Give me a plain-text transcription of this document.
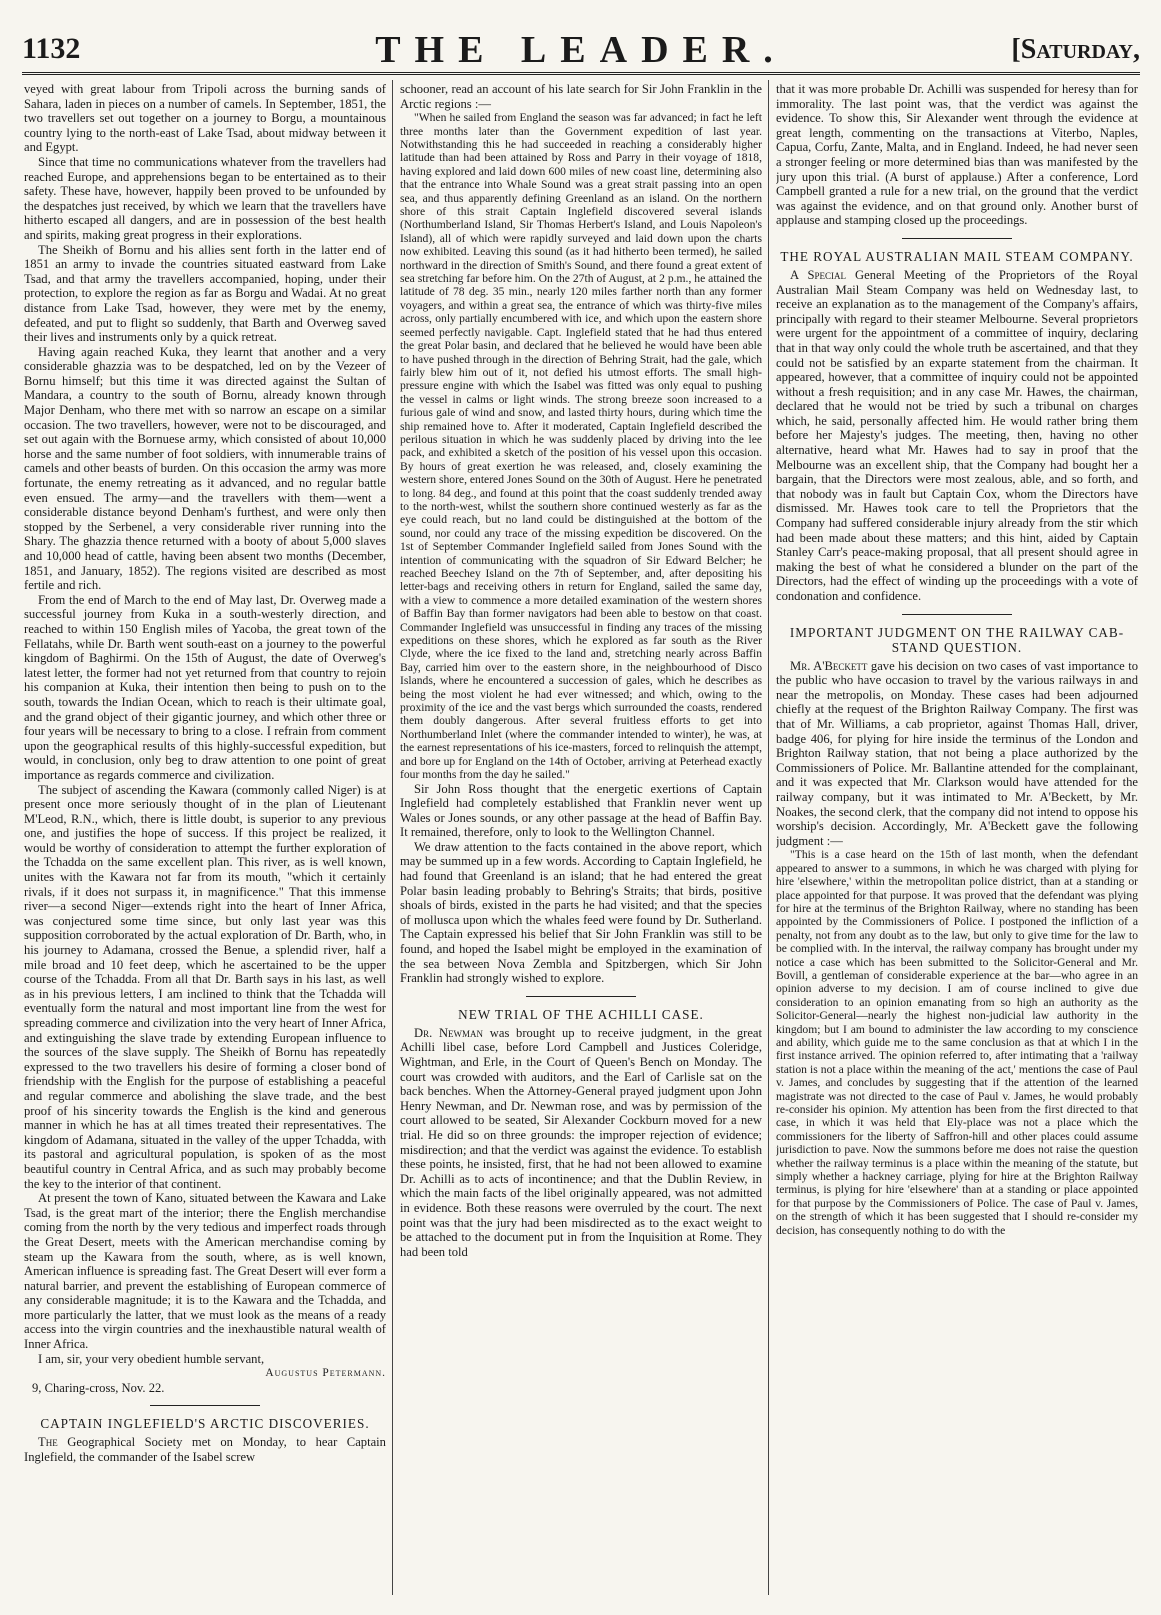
1132	THE LEADER.	[Saturday,

veyed with great labour from Tripoli across the burning sands of Sahara, laden in pieces on a number of camels. In September, 1851, the two travellers set out together on a journey to Borgu, a mountainous country lying to the north-east of Lake Tsad, about midway between it and Egypt.

Since that time no communications whatever from the travellers had reached Europe, and apprehensions began to be entertained as to their safety. These have, however, happily been proved to be unfounded by the despatches just received, by which we learn that the travellers have hitherto escaped all dangers, and are in possession of the best health and spirits, making great progress in their explorations.

The Sheikh of Bornu and his allies sent forth in the latter end of 1851 an army to invade the countries situated eastward from Lake Tsad, and that army the travellers accompanied, hoping, under their protection, to explore the region as far as Borgu and Wadai. At no great distance from Lake Tsad, however, they were met by the enemy, defeated, and put to flight so suddenly, that Barth and Overweg saved their lives and instruments only by a quick retreat.

Having again reached Kuka, they learnt that another and a very considerable ghazzia was to be despatched, led on by the Vezeer of Bornu himself; but this time it was directed against the Sultan of Mandara, a country to the south of Bornu, already known through Major Denham, who there met with so narrow an escape on a similar occasion. The two travellers, however, were not to be discouraged, and set out again with the Bornuese army, which consisted of about 10,000 horse and the same number of foot soldiers, with innumerable trains of camels and other beasts of burden. On this occasion the army was more fortunate, the enemy retreating as it advanced, and no regular battle even ensued. The army—and the travellers with them—went a considerable distance beyond Denham's furthest, and were only then stopped by the Serbenel, a very considerable river running into the Shary. The ghazzia thence returned with a booty of about 5,000 slaves and 10,000 head of cattle, having been absent two months (December, 1851, and January, 1852). The regions visited are described as most fertile and rich.

From the end of March to the end of May last, Dr. Overweg made a successful journey from Kuka in a south-westerly direction, and reached to within 150 English miles of Yacoba, the great town of the Fellatahs, while Dr. Barth went south-east on a journey to the powerful kingdom of Baghirmi. On the 15th of August, the date of Overweg's latest letter, the former had not yet returned from that country to rejoin his companion at Kuka, their intention then being to push on to the south, towards the Indian Ocean, which to reach is their ultimate goal, and the grand object of their gigantic journey, and which other three or four years will be necessary to bring to a close. I refrain from comment upon the geographical results of this highly-successful expedition, but would, in conclusion, only beg to draw attention to one point of great importance as regards commerce and civilization.

The subject of ascending the Kawara (commonly called Niger) is at present once more seriously thought of in the plan of Lieutenant M'Leod, R.N., which, there is little doubt, is superior to any previous one, and justifies the hope of success. If this project be realized, it would be worthy of consideration to attempt the further exploration of the Tchadda on the same excellent plan. This river, as is well known, unites with the Kawara not far from its mouth, "which it certainly rivals, if it does not surpass it, in magnificence." That this immense river—a second Niger—extends right into the heart of Inner Africa, was conjectured some time since, but only last year was this supposition corroborated by the actual exploration of Dr. Barth, who, in his journey to Adamana, crossed the Benue, a splendid river, half a mile broad and 10 feet deep, which he ascertained to be the upper course of the Tchadda. From all that Dr. Barth says in his last, as well as in his previous letters, I am inclined to think that the Tchadda will eventually form the natural and most important line from the west for spreading commerce and civilization into the very heart of Inner Africa, and extinguishing the slave trade by extending European influence to the sources of the slave supply. The Sheikh of Bornu has repeatedly expressed to the two travellers his desire of forming a closer bond of friendship with the English for the purpose of establishing a peaceful and regular commerce and abolishing the slave trade, and the best proof of his sincerity towards the English is the kind and generous manner in which he has at all times treated their representatives. The kingdom of Adamana, situated in the valley of the upper Tchadda, with its pastoral and agricultural population, is spoken of as the most beautiful country in Central Africa, and as such may probably become the key to the interior of that continent.

At present the town of Kano, situated between the Kawara and Lake Tsad, is the great mart of the interior; there the English merchandise coming from the north by the very tedious and imperfect roads through the Great Desert, meets with the American merchandise coming by steam up the Kawara from the south, where, as is well known, American influence is spreading fast. The Great Desert will ever form a natural barrier, and prevent the establishing of European commerce of any considerable magnitude; it is to the Kawara and the Tchadda, and more particularly the latter, that we must look as the means of a ready access into the virgin countries and the inexhaustible natural wealth of Inner Africa.

I am, sir, your very obedient humble servant,

Augustus Petermann.

9, Charing-cross, Nov. 22.

CAPTAIN INGLEFIELD'S ARCTIC DISCOVERIES.

The Geographical Society met on Monday, to hear Captain Inglefield, the commander of the Isabel screw

schooner, read an account of his late search for Sir John Franklin in the Arctic regions :—

"When he sailed from England the season was far advanced; in fact he left three months later than the Government expedition of last year. Notwithstanding this he had succeeded in reaching a considerably higher latitude than had been attained by Ross and Parry in their voyage of 1818, having explored and laid down 600 miles of new coast line, determining also that the entrance into Whale Sound was a great strait passing into an open sea, and thus apparently defining Greenland as an island. On the northern shore of this strait Captain Inglefield discovered several islands (Northumberland Island, Sir Thomas Herbert's Island, and Louis Napoleon's Island), all of which were rapidly surveyed and laid down upon the charts now exhibited. Leaving this sound (as it had hitherto been termed), he sailed northward in the direction of Smith's Sound, and there found a great extent of sea stretching far before him. On the 27th of August, at 2 p.m., he attained the latitude of 78 deg. 35 min., nearly 120 miles farther north than any former voyagers, and within a great sea, the entrance of which was thirty-five miles across, only partially encumbered with ice, and which upon the eastern shore seemed perfectly navigable. Capt. Inglefield stated that he had thus entered the great Polar basin, and declared that he believed he would have been able to have pushed through in the direction of Behring Strait, had the gale, which fairly blew him out of it, not defied his utmost efforts. The small high-pressure engine with which the Isabel was fitted was only equal to pushing the vessel in calms or light winds. The strong breeze soon increased to a furious gale of wind and snow, and lasted thirty hours, during which time the ship remained hove to. After it moderated, Captain Inglefield described the perilous situation in which he was suddenly placed by driving into the lee pack, and exhibited a sketch of the position of his vessel upon this occasion. By hours of great exertion he was released, and, closely examining the western shore, entered Jones Sound on the 30th of August. Here he penetrated to long. 84 deg., and found at this point that the coast suddenly trended away to the north-west, whilst the southern shore continued westerly as far as the eye could reach, but no land could be distinguished at the bottom of the sound, nor could any trace of the missing expedition be discovered. On the 1st of September Commander Inglefield sailed from Jones Sound with the intention of communicating with the squadron of Sir Edward Belcher; he reached Beechey Island on the 7th of September, and, after depositing his letter-bags and receiving others in return for England, sailed the same day, with a view to commence a more detailed examination of the western shores of Baffin Bay than former navigators had been able to bestow on that coast. Commander Inglefield was unsuccessful in finding any traces of the missing expeditions on these shores, which he explored as far south as the River Clyde, where the ice fixed to the land and, stretching nearly across Baffin Bay, carried him over to the eastern shore, in the neighbourhood of Disco Islands, where he encountered a succession of gales, which he describes as being the most violent he had ever witnessed; and which, owing to the proximity of the ice and the vast bergs which surrounded the coasts, rendered them doubly dangerous. After several fruitless efforts to get into Northumberland Inlet (where the commander intended to winter), he was, at the earnest representations of his ice-masters, forced to relinquish the attempt, and bore up for England on the 14th of October, arriving at Peterhead exactly four months from the day he sailed."

Sir John Ross thought that the energetic exertions of Captain Inglefield had completely established that Franklin never went up Wales or Jones sounds, or any other passage at the head of Baffin Bay. It remained, therefore, only to look to the Wellington Channel.

We draw attention to the facts contained in the above report, which may be summed up in a few words. According to Captain Inglefield, he had found that Greenland is an island; that he had entered the great Polar basin leading probably to Behring's Straits; that birds, positive shoals of birds, existed in the parts he had visited; and that the species of mollusca upon which the whales feed were found by Dr. Sutherland. The Captain expressed his belief that Sir John Franklin was still to be found, and hoped the Isabel might be employed in the examination of the sea between Nova Zembla and Spitzbergen, which Sir John Franklin had strongly wished to explore.

NEW TRIAL OF THE ACHILLI CASE.

Dr. Newman was brought up to receive judgment, in the great Achilli libel case, before Lord Campbell and Justices Coleridge, Wightman, and Erle, in the Court of Queen's Bench on Monday. The court was crowded with auditors, and the Earl of Carlisle sat on the back benches. When the Attorney-General prayed judgment upon John Henry Newman, and Dr. Newman rose, and was by permission of the court allowed to be seated, Sir Alexander Cockburn moved for a new trial. He did so on three grounds: the improper rejection of evidence; misdirection; and that the verdict was against the evidence. To establish these points, he insisted, first, that he had not been allowed to examine Dr. Achilli as to acts of incontinence; and that the Dublin Review, in which the main facts of the libel originally appeared, was not admitted in evidence. Both these reasons were overruled by the court. The next point was that the jury had been misdirected as to the exact weight to be attached to the document put in from the Inquisition at Rome. They had been told

that it was more probable Dr. Achilli was suspended for heresy than for immorality. The last point was, that the verdict was against the evidence. To show this, Sir Alexander went through the evidence at great length, commenting on the transactions at Viterbo, Naples, Capua, Corfu, Zante, Malta, and in England. Indeed, he had never seen a stronger feeling or more determined bias than was manifested by the jury upon this trial. (A burst of applause.) After a conference, Lord Campbell granted a rule for a new trial, on the ground that the verdict was against the evidence, and on that ground only. Another burst of applause and stamping closed up the proceedings.

THE ROYAL AUSTRALIAN MAIL STEAM COMPANY.

A Special General Meeting of the Proprietors of the Royal Australian Mail Steam Company was held on Wednesday last, to receive an explanation as to the management of the Company's affairs, principally with regard to their steamer Melbourne. Several proprietors were urgent for the appointment of a committee of inquiry, declaring that in that way only could the whole truth be ascertained, and that they could not be satisfied by an exparte statement from the chairman. It appeared, however, that a committee of inquiry could not be appointed without a fresh requisition; and in any case Mr. Hawes, the chairman, declared that he would not be tried by such a tribunal on charges which, he said, personally affected him. He would rather bring them before her Majesty's judges. The meeting, then, having no other alternative, heard what Mr. Hawes had to say in proof that the Melbourne was an excellent ship, that the Company had bought her a bargain, that the Directors were most zealous, able, and so forth, and that nobody was in fault but Captain Cox, whom the Directors have dismissed. Mr. Hawes took care to tell the Proprietors that the Company had suffered considerable injury already from the stir which had been made about these matters; and this hint, aided by Captain Stanley Carr's peace-making proposal, that all present should agree in making the best of what he considered a blunder on the part of the Directors, had the effect of winding up the proceedings with a vote of condonation and confidence.

IMPORTANT JUDGMENT ON THE RAILWAY CAB-STAND QUESTION.

Mr. A'Beckett gave his decision on two cases of vast importance to the public who have occasion to travel by the various railways in and near the metropolis, on Monday. These cases had been adjourned chiefly at the request of the Brighton Railway Company. The first was that of Mr. Williams, a cab proprietor, against Thomas Hall, driver, badge 406, for plying for hire inside the terminus of the London and Brighton Railway station, that not being a place authorized by the Commissioners of Police. Mr. Ballantine attended for the complainant, and it was expected that Mr. Clarkson would have attended for the railway company, but it was intimated to Mr. A'Beckett, by Mr. Noakes, the second clerk, that the company did not intend to oppose his worship's decision. Accordingly, Mr. A'Beckett gave the following judgment :—

"This is a case heard on the 15th of last month, when the defendant appeared to answer to a summons, in which he was charged with plying for hire 'elsewhere,' within the metropolitan police district, than at a standing or place appointed for that purpose. It was proved that the defendant was plying for hire at the terminus of the Brighton Railway, where no standing has been appointed by the Commissioners of Police. I postponed the infliction of a penalty, not from any doubt as to the law, but only to give time for the law to be complied with. In the interval, the railway company has brought under my notice a case which has been submitted to the Solicitor-General and Mr. Bovill, a gentleman of considerable experience at the bar—who agree in an opinion adverse to my decision. I am of course inclined to give due consideration to an opinion emanating from so high an authority as the Solicitor-General—nearly the highest non-judicial law authority in the kingdom; but I am bound to administer the law according to my conscience and ability, which guide me to the same conclusion as that at which I in the first instance arrived. The opinion referred to, after intimating that a 'railway station is not a place within the meaning of the act,' mentions the case of Paul v. James, and concludes by suggesting that if the attention of the learned magistrate was not directed to the case of Paul v. James, he would probably re-consider his opinion. My attention has been from the first directed to that case, in which it was held that Ely-place was not a place which the commissioners for the liberty of Saffron-hill and other places could assume jurisdiction to pave. Now the summons before me does not raise the question whether the railway terminus is a place within the meaning of the statute, but simply whether a hackney carriage, plying for hire at the Brighton Railway terminus, is plying for hire 'elsewhere' than at a standing or place appointed for that purpose by the Commissioners of Police. The case of Paul v. James, on the strength of which it has been suggested that I should re-consider my decision, has consequently nothing to do with the
